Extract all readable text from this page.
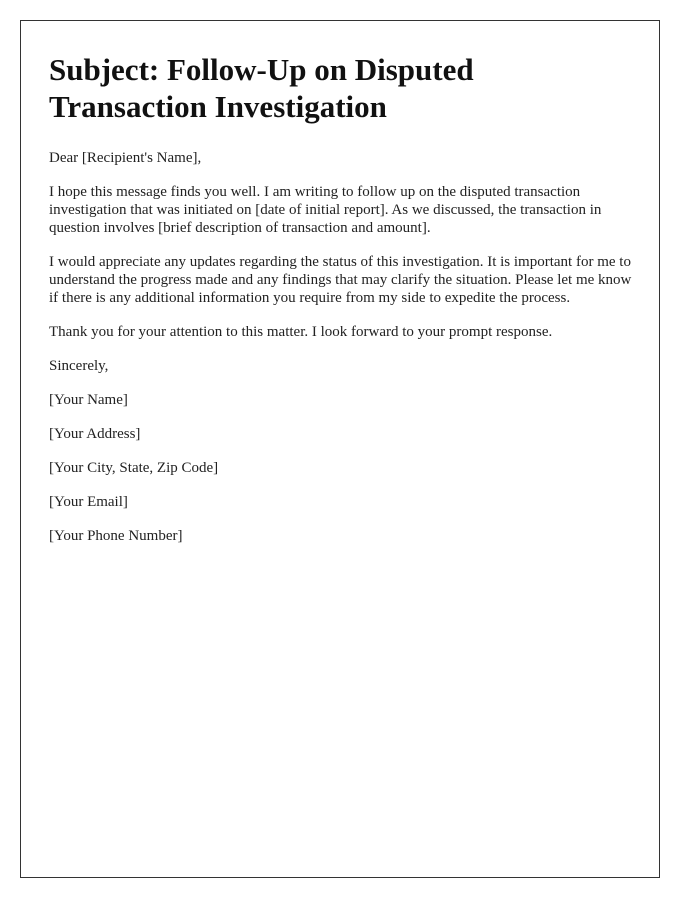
Subject: Follow-Up on Disputed Transaction Investigation

Dear [Recipient's Name],

I hope this message finds you well. I am writing to follow up on the disputed transaction investigation that was initiated on [date of initial report]. As we discussed, the transaction in question involves [brief description of transaction and amount].

I would appreciate any updates regarding the status of this investigation. It is important for me to understand the progress made and any findings that may clarify the situation. Please let me know if there is any additional information you require from my side to expedite the process.

Thank you for your attention to this matter. I look forward to your prompt response.

Sincerely,

[Your Name]

[Your Address]

[Your City, State, Zip Code]

[Your Email]

[Your Phone Number]
